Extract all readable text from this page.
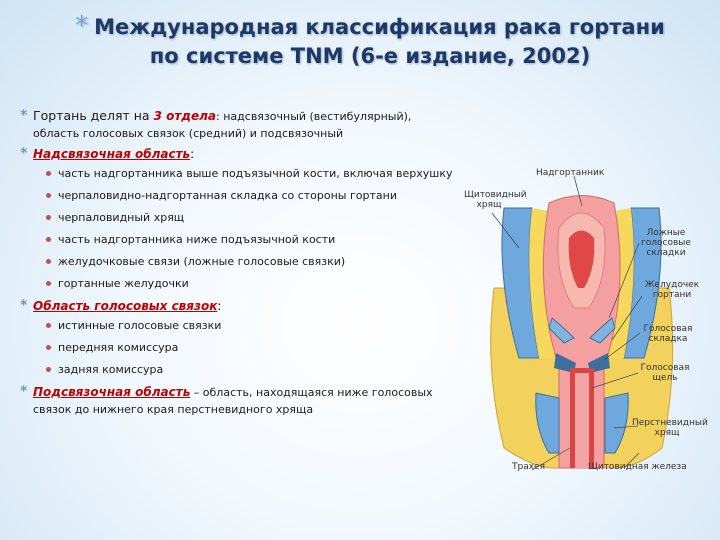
* Международная классификация рака гортани
по системе TNM (6-е издание, 2002)
* Гортань делят на 3 отдела: надсвязочный (вестибулярный), область голосовых связок (средний) и подсвязочный
* Надсвязочная область:
часть надгортанника выше подъязычной кости, включая верхушку
черпаловидно-надгортанная складка со стороны гортани
черпаловидный хрящ
часть надгортанника ниже подъязычной кости
желудочковые связи (ложные голосовые связки)
гортанные желудочки
* Область голосовых связок:
истинные голосовые связки
передняя комиссура
задняя комиссура
* Подсвязочная область – область, находящаяся ниже голосовых связок до нижнего края перстневидного хряща
Надгортанник
Щитовидный хрящ
Ложные голосовые складки
Желудочек гортани
Голосовая складка
Голосовая щель
Перстневидный хрящ
Трахея	Щитовидная железа
